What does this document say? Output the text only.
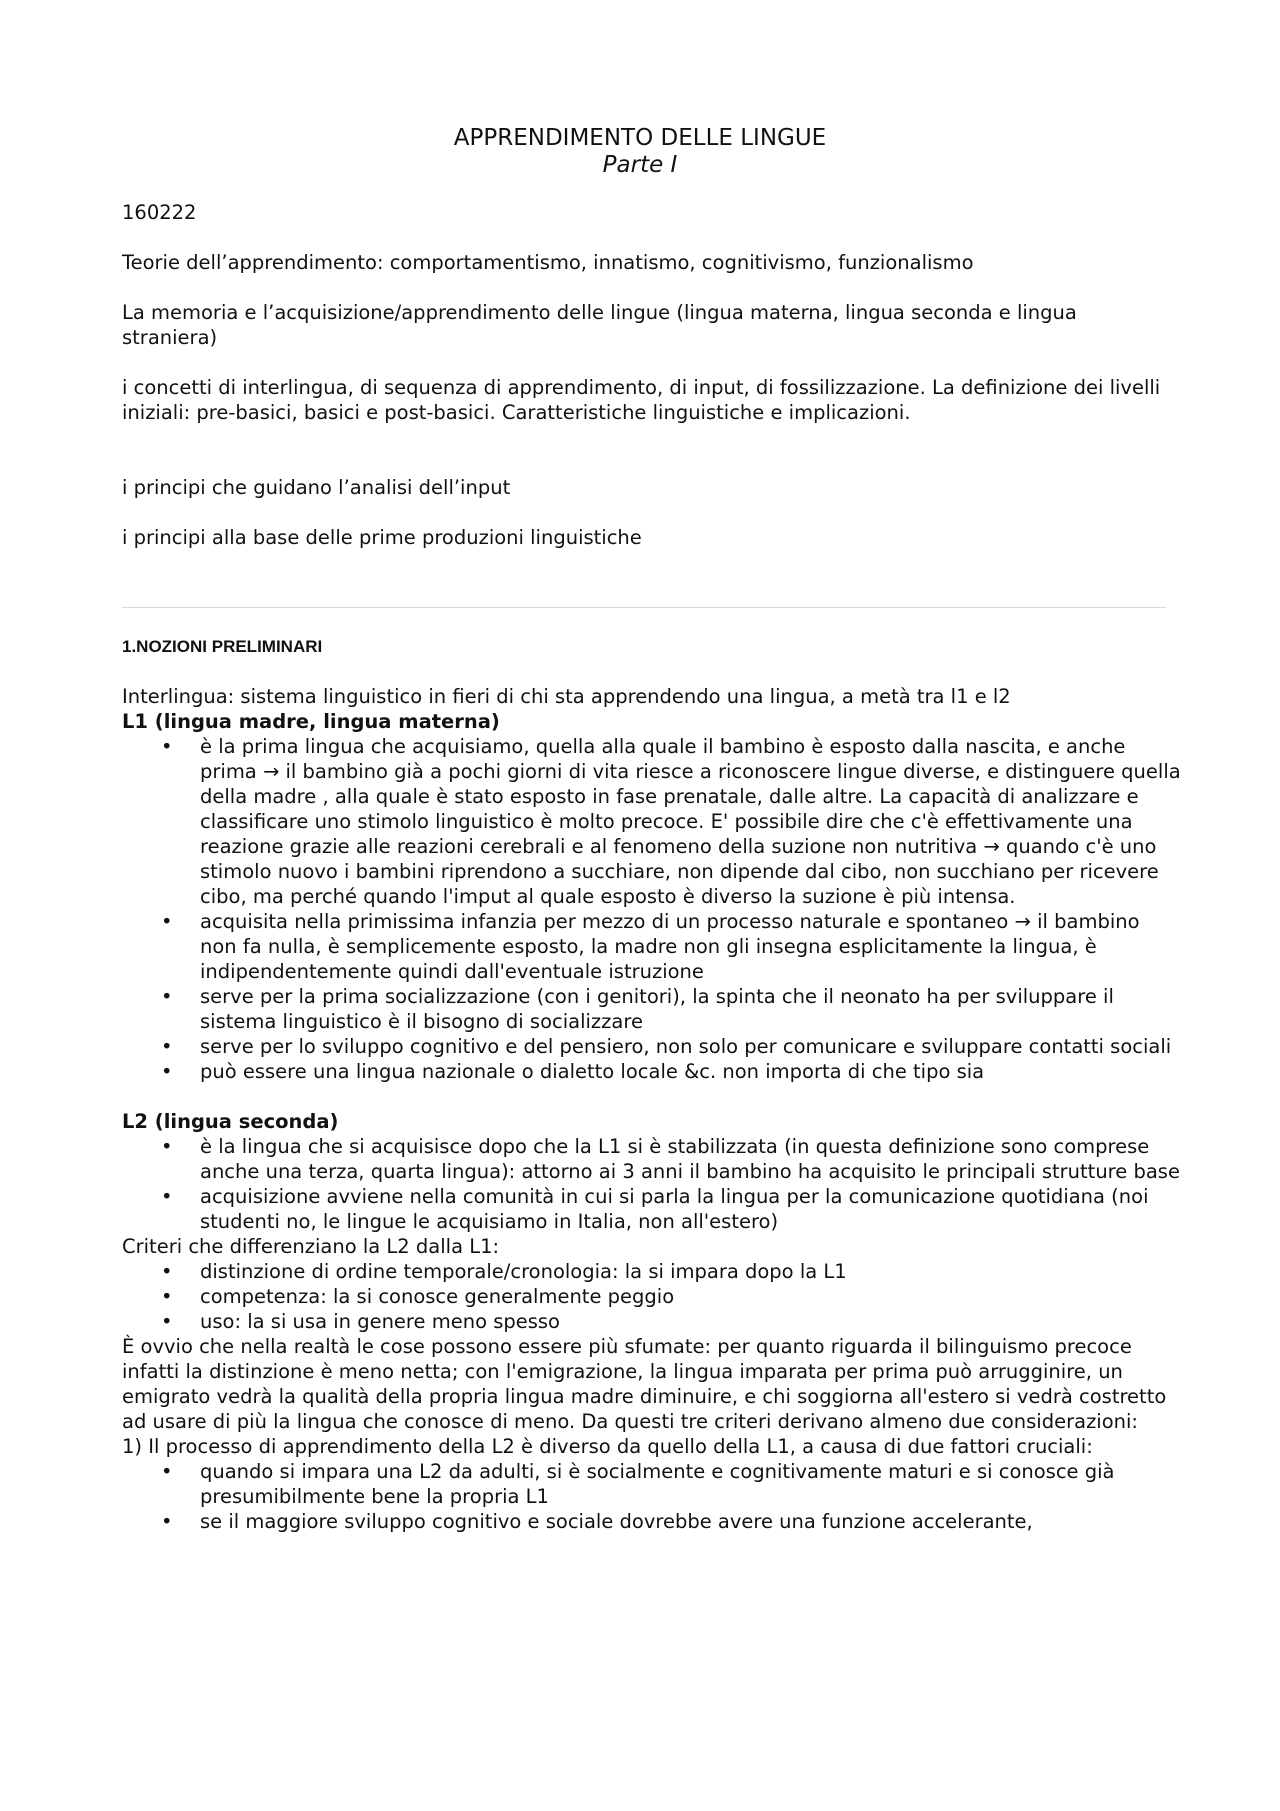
APPRENDIMENTO DELLE LINGUE
Parte I

160222

Teorie dell’apprendimento: comportamentismo, innatismo, cognitivismo, funzionalismo

La memoria e l’acquisizione/apprendimento delle lingue (lingua materna, lingua seconda e lingua straniera)

i concetti di interlingua, di sequenza di apprendimento, di input, di fossilizzazione. La definizione dei livelli iniziali: pre-basici, basici e post-basici. Caratteristiche linguistiche e implicazioni.

i principi che guidano l’analisi dell’input

i principi alla base delle prime produzioni linguistiche

1.NOZIONI PRELIMINARI

Interlingua: sistema linguistico in fieri di chi sta apprendendo una lingua, a metà tra l1 e l2

L1 (lingua madre, lingua materna)

• è la prima lingua che acquisiamo, quella alla quale il bambino è esposto dalla nascita, e anche prima → il bambino già a pochi giorni di vita riesce a riconoscere lingue diverse, e distinguere quella della madre , alla quale è stato esposto in fase prenatale, dalle altre. La capacità di analizzare e classificare uno stimolo linguistico è molto precoce. E' possibile dire che c'è effettivamente una reazione grazie alle reazioni cerebrali e al fenomeno della suzione non nutritiva → quando c'è uno stimolo nuovo i bambini riprendono a succhiare, non dipende dal cibo, non succhiano per ricevere cibo, ma perché quando l'imput al quale esposto è diverso la suzione è più intensa.
• acquisita nella primissima infanzia per mezzo di un processo naturale e spontaneo → il bambino non fa nulla, è semplicemente esposto, la madre non gli insegna esplicitamente la lingua, è indipendentemente quindi dall'eventuale istruzione
• serve per la prima socializzazione (con i genitori), la spinta che il neonato ha per sviluppare il sistema linguistico è il bisogno di socializzare
• serve per lo sviluppo cognitivo e del pensiero, non solo per comunicare e sviluppare contatti sociali
• può essere una lingua nazionale o dialetto locale &c. non importa di che tipo sia

L2 (lingua seconda)

• è la lingua che si acquisisce dopo che la L1 si è stabilizzata (in questa definizione sono comprese anche una terza, quarta lingua): attorno ai 3 anni il bambino ha acquisito le principali strutture base
• acquisizione avviene nella comunità in cui si parla la lingua per la comunicazione quotidiana (noi studenti no, le lingue le acquisiamo in Italia, non all'estero)

Criteri che differenziano la L2 dalla L1:

• distinzione di ordine temporale/cronologia: la si impara dopo la L1
• competenza: la si conosce generalmente peggio
• uso: la si usa in genere meno spesso

È ovvio che nella realtà le cose possono essere più sfumate: per quanto riguarda il bilinguismo precoce infatti la distinzione è meno netta; con l'emigrazione, la lingua imparata per prima può arrugginire, un emigrato vedrà la qualità della propria lingua madre diminuire, e chi soggiorna all'estero si vedrà costretto ad usare di più la lingua che conosce di meno. Da questi tre criteri derivano almeno due considerazioni:

1) Il processo di apprendimento della L2 è diverso da quello della L1, a causa di due fattori cruciali:

• quando si impara una L2 da adulti, si è socialmente e cognitivamente maturi e si conosce già presumibilmente bene la propria L1
• se il maggiore sviluppo cognitivo e sociale dovrebbe avere una funzione accelerante,
